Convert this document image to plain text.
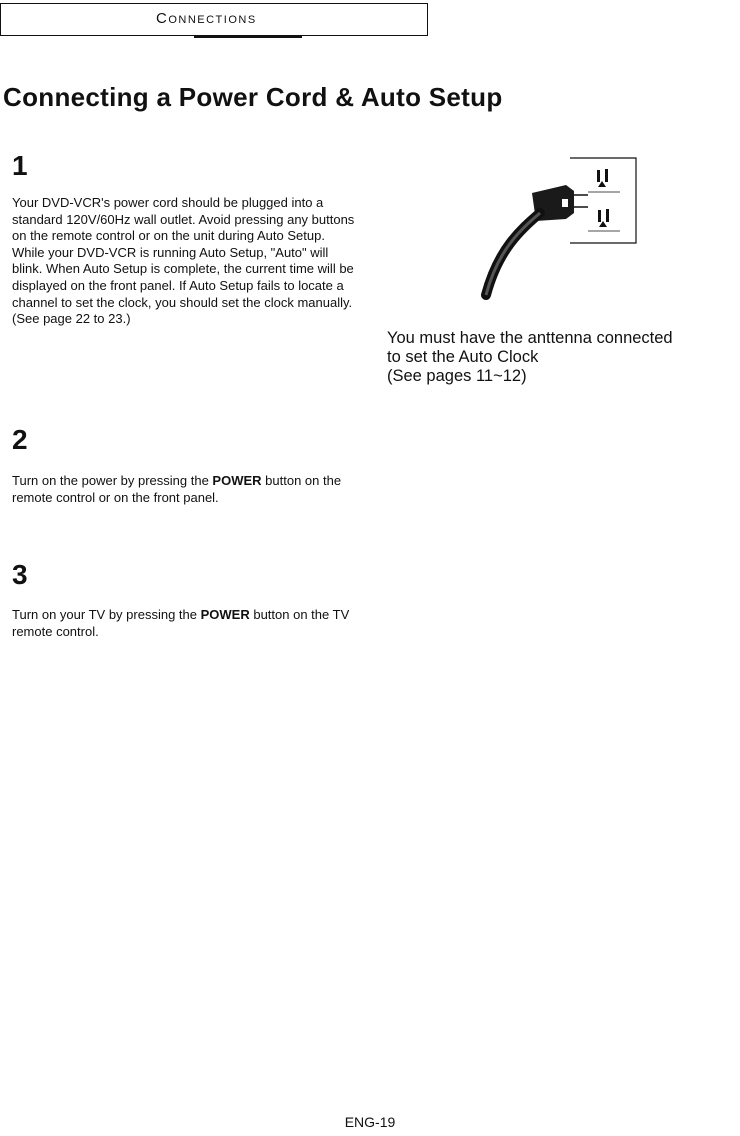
Connections
Connecting a Power Cord & Auto Setup

1

Your DVD-VCR's power cord should be plugged into a standard 120V/60Hz wall outlet. Avoid pressing any buttons on the remote control or on the unit during Auto Setup. While your DVD-VCR is running Auto Setup, "Auto" will blink. When Auto Setup is complete, the current time will be displayed on the front panel. If Auto Setup fails to locate a channel to set the clock, you should set the clock manually. (See page 22 to 23.)

You must have the anttenna connected
to set the Auto Clock
(See pages 11~12)

2

Turn on the power by pressing the POWER button on the remote control or on the front panel.

3

Turn on your TV by pressing the POWER button on the TV remote control.

ENG-19
